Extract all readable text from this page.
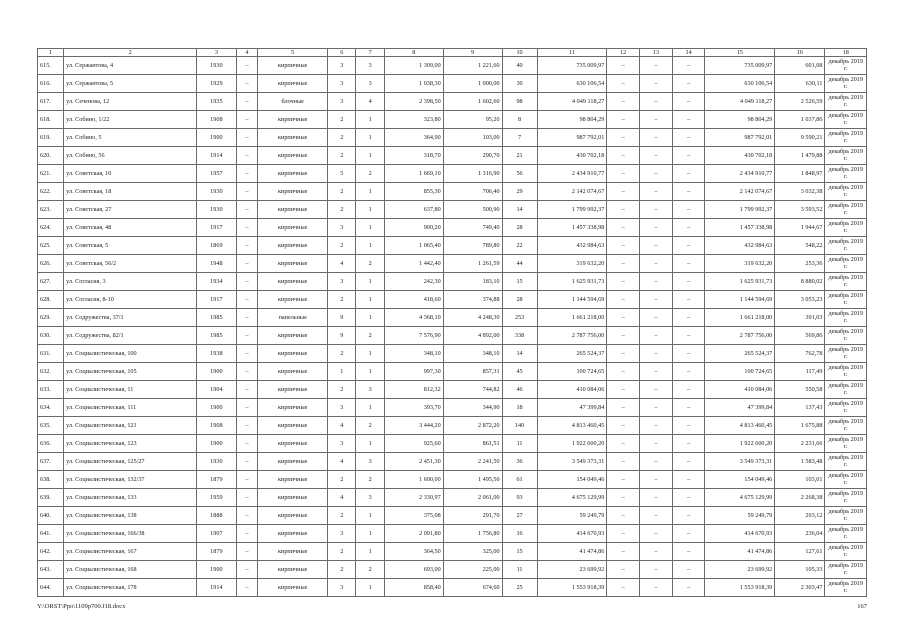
1	2	3	4	5	6	7	8	9	10	11	12	13	14	15	16	18
615.	ул. Сержантова, 4	1930	–	кирпичные	3	3	1 309,00	1 221,60	40	735 009,97	–	–	–	735 009,97	601,08	декабрь 2019 г.
616.	ул. Сержантова, 5	1929	–	кирпичные	3	3	1 038,30	1 000,00	30	630 106,54	–	–	–	630 106,54	630,11	декабрь 2019 г.
617.	ул. Сеченова, 12	1935	–	блочные	3	4	2 398,50	1 602,60	98	4 049 118,27	–	–	–	4 049 118,27	2 526,59	декабрь 2019 г.
618.	ул. Собино, 1/22	1908	–	кирпичные	2	1	323,80	95,20	8	98 804,29	–	–	–	98 804,29	1 037,86	декабрь 2019 г.
619.	ул. Собино, 5	1900	–	кирпичные	2	1	364,90	103,00	7	987 792,01	–	–	–	987 792,01	9 590,21	декабрь 2019 г.
620.	ул. Собино, 56	1914	–	кирпичные	2	1	318,70	290,70	21	430 702,18	–	–	–	430 702,18	1 479,88	декабрь 2019 г.
621.	ул. Советская, 10	1957	–	кирпичные	5	2	1 669,10	1 316,90	56	2 434 910,77	–	–	–	2 434 910,77	1 848,97	декабрь 2019 г.
622.	ул. Советская, 18	1930	–	кирпичные	2	1	855,30	706,40	29	2 142 074,67	–	–	–	2 142 074,67	3 032,38	декабрь 2019 г.
623.	ул. Советская, 27	1930	–	кирпичные	2	1	637,80	500,90	14	1 799 992,37	–	–	–	1 799 992,37	3 593,52	декабрь 2019 г.
624.	ул. Советская, 48	1917	–	кирпичные	3	1	900,20	749,40	28	1 457 338,98	–	–	–	1 457 338,98	1 944,67	декабрь 2019 г.
625.	ул. Советская, 5	1869	–	кирпичные	2	1	1 065,40	789,80	22	432 984,63	–	–	–	432 984,63	548,22	декабрь 2019 г.
626.	ул. Советская, 56/2	1948	–	кирпичные	4	2	1 442,40	1 261,59	44	319 632,20	–	–	–	319 632,20	253,36	декабрь 2019 г.
627.	ул. Согласия, 3	1934	–	кирпичные	3	1	242,30	183,10	15	1 625 931,73	–	–	–	1 625 931,73	8 880,02	декабрь 2019 г.
628.	ул. Согласия, 8-10	1917	–	кирпичные	2	1	418,60	374,88	28	1 144 594,69	–	–	–	1 144 594,69	3 053,23	декабрь 2019 г.
629.	ул. Содружества, 37/1	1985	–	панельные	9	1	4 368,10	4 248,30	253	1 661 218,00	–	–	–	1 661 218,00	391,03	декабрь 2019 г.
630.	ул. Содружества, 82/1	1985	–	кирпичные	9	2	7 576,90	4 892,00	338	2 787 756,00	–	–	–	2 787 756,00	569,86	декабрь 2019 г.
631.	ул. Социалистическая, 100	1938	–	кирпичные	2	1	348,10	348,10	14	265 524,37	–	–	–	265 524,37	762,78	декабрь 2019 г.
632.	ул. Социалистическая, 105	1900	–	кирпичные	1	1	997,30	857,31	45	100 724,65	–	–	–	100 724,65	117,49	декабрь 2019 г.
633.	ул. Социалистическая, 11	1904	–	кирпичные	2	3	812,32	744,82	46	410 084,06	–	–	–	410 084,06	550,58	декабрь 2019 г.
634.	ул. Социалистическая, 111	1900	–	кирпичные	3	1	393,70	344,90	18	47 399,84	–	–	–	47 399,84	137,43	декабрь 2019 г.
635.	ул. Социалистическая, 121	1908	–	кирпичные	4	2	3 444,20	2 872,20	140	4 813 460,45	–	–	–	4 813 460,45	1 675,88	декабрь 2019 г.
636.	ул. Социалистическая, 123	1900	–	кирпичные	3	1	925,60	861,51	11	1 922 600,20	–	–	–	1 922 600,20	2 231,66	декабрь 2019 г.
637.	ул. Социалистическая, 125/27	1930	–	кирпичные	4	3	2 451,30	2 241,50	36	3 549 373,31	–	–	–	3 549 373,31	1 583,48	декабрь 2019 г.
638.	ул. Социалистическая, 132/37	1879	–	кирпичные	2	2	1 600,00	1 495,50	61	154 049,46	–	–	–	154 049,46	103,01	декабрь 2019 г.
639.	ул. Социалистическая, 133	1959	–	кирпичные	4	3	2 330,97	2 061,00	93	4 675 129,99	–	–	–	4 675 129,99	2 268,38	декабрь 2019 г.
640.	ул. Социалистическая, 138	1888	–	кирпичные	2	1	375,08	291,70	27	59 249,79	–	–	–	59 249,79	203,12	декабрь 2019 г.
641.	ул. Социалистическая, 166/38	1907	–	кирпичные	3	1	2 091,80	1 756,80	16	414 670,93	–	–	–	414 670,93	236,04	декабрь 2019 г.
642.	ул. Социалистическая, 167	1879	–	кирпичные	2	1	364,50	325,00	15	41 474,86	–	–	–	41 474,86	127,61	декабрь 2019 г.
643.	ул. Социалистическая, 168	1900	–	кирпичные	2	2	693,00	225,00	11	23 699,92	–	–	–	23 699,92	105,33	декабрь 2019 г.
644.	ул. Социалистическая, 178	1914	–	кирпичные	3	1	858,40	674,60	25	1 553 918,39	–	–	–	1 553 918,39	2 303,47	декабрь 2019 г.
Y:\ORST\Ppo\1109p700.f18.docx	167
